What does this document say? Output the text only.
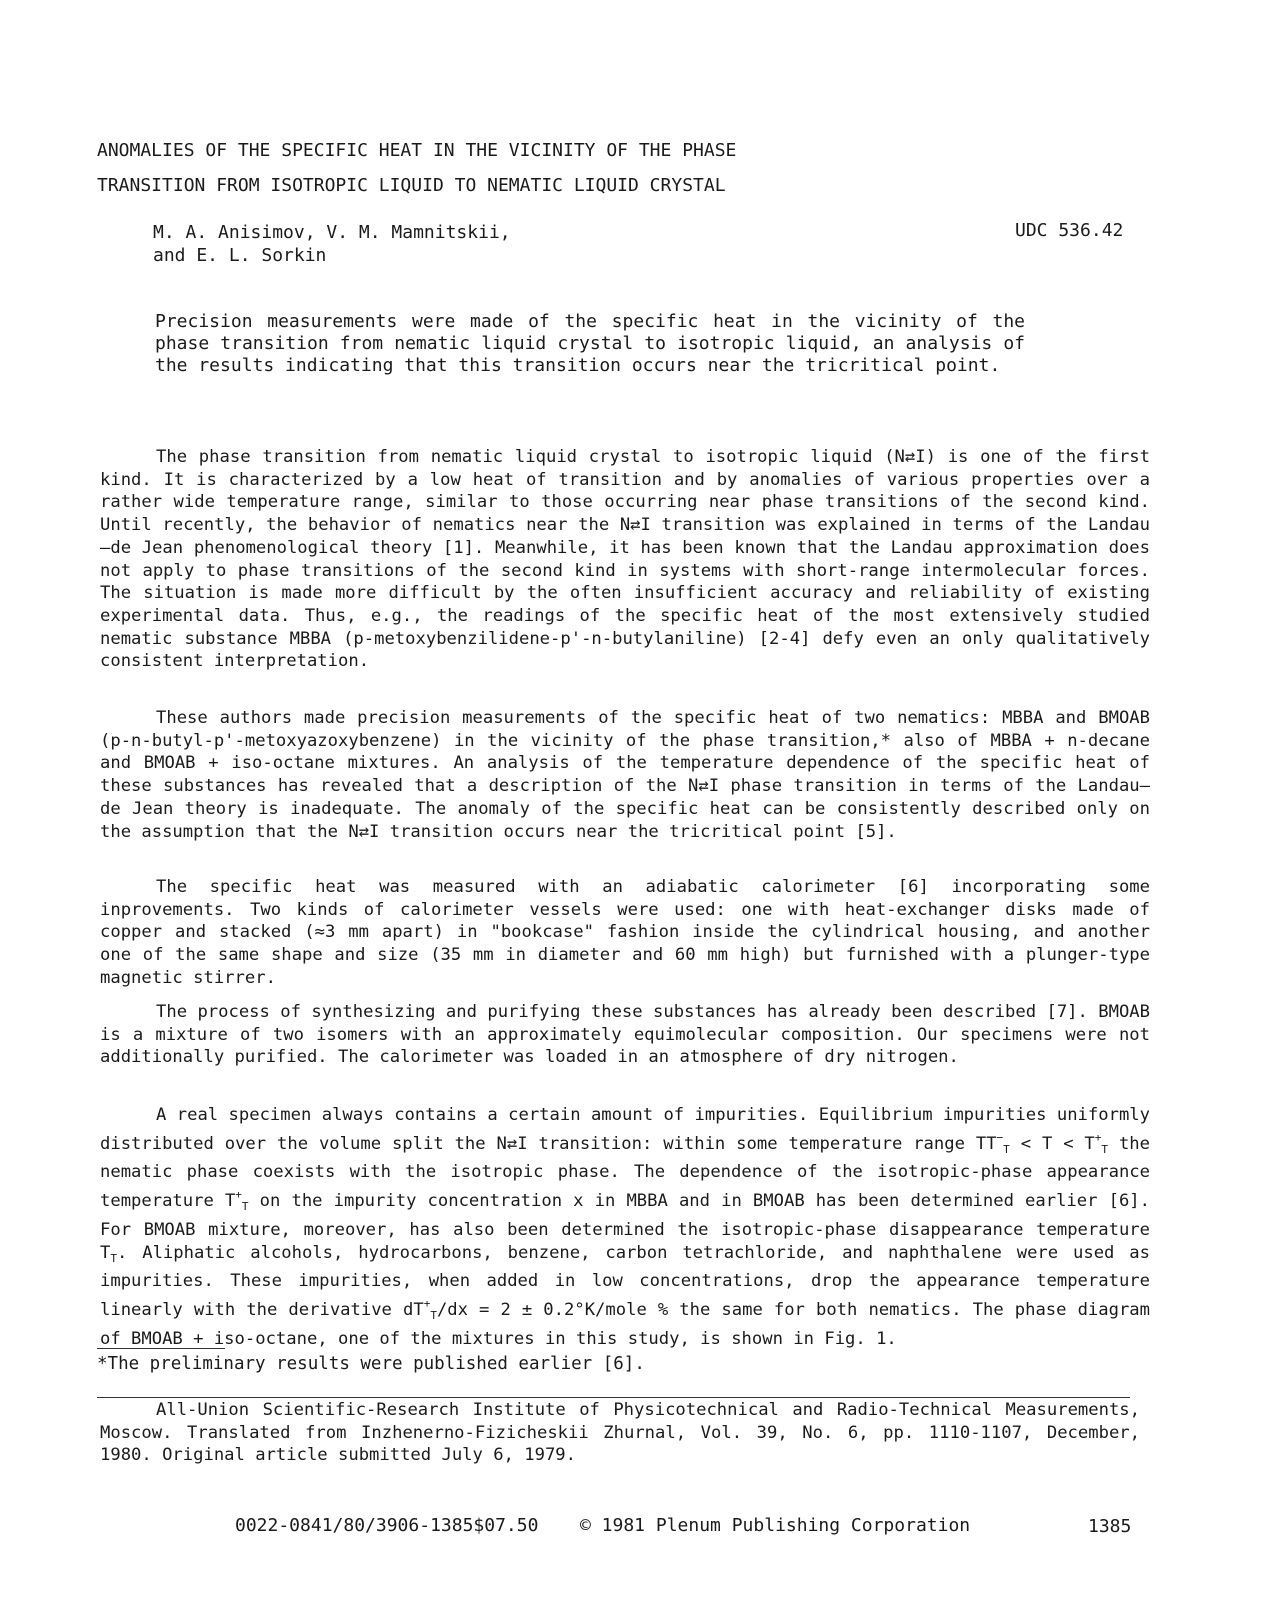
ANOMALIES OF THE SPECIFIC HEAT IN THE VICINITY OF THE PHASE
TRANSITION FROM ISOTROPIC LIQUID TO NEMATIC LIQUID CRYSTAL
M. A. Anisimov, V. M. Mamnitskii,
and E. L. Sorkin
UDC 536.42

Precision measurements were made of the specific heat in the vicinity of the phase transition from nematic liquid crystal to isotropic liquid, an analysis of the results indicating that this transition occurs near the tricritical point.

The phase transition from nematic liquid crystal to isotropic liquid (N⇄I) is one of the first kind. It is characterized by a low heat of transition and by anomalies of various properties over a rather wide temperature range, similar to those occurring near phase transitions of the second kind. Until recently, the behavior of nematics near the N⇄I transition was explained in terms of the Landau—de Jean phenomenological theory [1]. Meanwhile, it has been known that the Landau approximation does not apply to phase transitions of the second kind in systems with short-range intermolecular forces. The situation is made more difficult by the often insufficient accuracy and reliability of existing experimental data. Thus, e.g., the readings of the specific heat of the most extensively studied nematic substance MBBA (p-metoxybenzilidene-p'-n-butylaniline) [2-4] defy even an only qualitatively consistent interpretation.

These authors made precision measurements of the specific heat of two nematics: MBBA and BMOAB (p-n-butyl-p'-metoxyazoxybenzene) in the vicinity of the phase transition,* also of MBBA + n-decane and BMOAB + iso-octane mixtures. An analysis of the temperature dependence of the specific heat of these substances has revealed that a description of the N⇄I phase transition in terms of the Landau—de Jean theory is inadequate. The anomaly of the specific heat can be consistently described only on the assumption that the N⇄I transition occurs near the tricritical point [5].

The specific heat was measured with an adiabatic calorimeter [6] incorporating some inprovements. Two kinds of calorimeter vessels were used: one with heat-exchanger disks made of copper and stacked (≈3 mm apart) in "bookcase" fashion inside the cylindrical housing, and another one of the same shape and size (35 mm in diameter and 60 mm high) but furnished with a plunger-type magnetic stirrer.

The process of synthesizing and purifying these substances has already been described [7]. BMOAB is a mixture of two isomers with an approximately equimolecular composition. Our specimens were not additionally purified. The calorimeter was loaded in an atmosphere of dry nitrogen.

A real specimen always contains a certain amount of impurities. Equilibrium impurities uniformly distributed over the volume split the N⇄I transition: within some temperature range $TT^-_T < T < T^+_T$ the nematic phase coexists with the isotropic phase. The dependence of the isotropic-phase appearance temperature $T^+_T$ on the impurity concentration x in MBBA and in BMOAB has been determined earlier [6]. For BMOAB mixture, moreover, has also been determined the isotropic-phase disappearance temperature $T_T$. Aliphatic alcohols, hydrocarbons, benzene, carbon tetrachloride, and naphthalene were used as impurities. These impurities, when added in low concentrations, drop the appearance temperature linearly with the derivative $dT^+_T/dx = 2$ ± 0.2°K/mole % the same for both nematics. The phase diagram of BMOAB + iso-octane, one of the mixtures in this study, is shown in Fig. 1.

*The preliminary results were published earlier [6].

All-Union Scientific-Research Institute of Physicotechnical and Radio-Technical Measurements, Moscow. Translated from Inzhenerno-Fizicheskii Zhurnal, Vol. 39, No. 6, pp. 1110-1107, December, 1980. Original article submitted July 6, 1979.

0022-0841/80/3906-1385$07.50 © 1981 Plenum Publishing Corporation	1385
